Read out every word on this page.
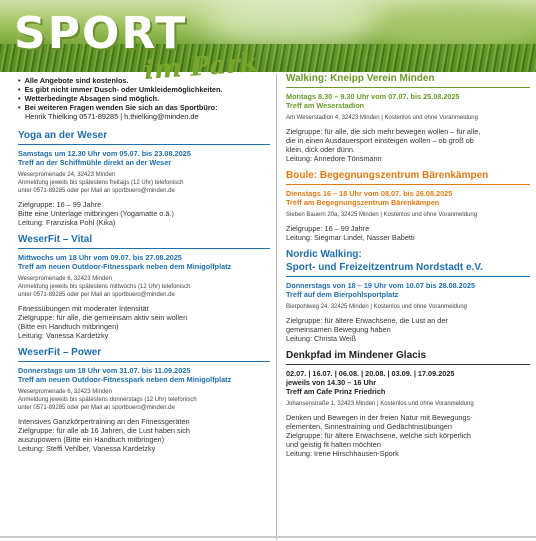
SPORT
im Park
• Alle Angebote sind kostenlos.
• Es gibt nicht immer Dusch- oder Umkleidemöglichkeiten.
• Wetterbedingte Absagen sind möglich.
• Bei weiteren Fragen wenden Sie sich an das Sportbüro:
Henrik Thielking 0571-89285 | h.thielking@minden.de
Yoga an der Weser
Samstags um 12.30 Uhr vom 05.07. bis 23.08.2025
Treff an der Schiffmühle direkt an der Weser
Weserpromenade 24, 32423 Minden
Anmeldung jeweils bis spätestens freitags (12 Uhr) telefonisch
unter 0571-89285 oder per Mail an sportbuero@minden.de
Zielgruppe: 16 – 99 Jahre
Bitte eine Unterlage mitbringen (Yogamatte o.ä.)
Leitung: Franziska Pohl (Kika)
WeserFit – Vital
Mittwochs um 18 Uhr vom 09.07. bis 27.08.2025
Treff am neuen Outdoor-Fitnesspark neben dem Minigolfplatz
Weserpromenade 6, 32423 Minden
Anmeldung jeweils bis spätestens mittwochs (12 Uhr) telefonisch
unter 0571-89285 oder per Mail an sportbuero@minden.de
Fitnessübungen mit moderater Intensität
Zielgruppe: für alle, die gemeinsam aktiv sein wollen
(Bitte ein Handtuch mitbringen)
Leitung: Vanessa Kardetzky
WeserFit – Power
Donnerstags um 18 Uhr vom 31.07. bis 11.09.2025
Treff am neuen Outdoor-Fitnesspark neben dem Minigolfplatz
Weserpromenade 6, 32423 Minden
Anmeldung jeweils bis spätestens donnerstags (12 Uhr) telefonisch
unter 0571-89285 oder per Mail an sportbuero@minden.de
Intensives Ganzkörpertraining an den Fitnessgeräten
Zielgruppe: für alle ab 16 Jahren, die Lust haben sich
auszupowern (Bitte ein Handtuch mitbringen)
Leitung: Steffi Vehlber, Vanessa Kardetzky
Walking: Kneipp Verein Minden
Montags 8.30 – 9.30 Uhr vom 07.07. bis 25.08.2025
Treff am Weserstadion
Am Weserstadion 4, 32423 Minden | Kostenlos und ohne Voranmeldung
Zielgruppe: für alle, die sich mehr bewegen wollen – für alle,
die in einen Ausdauersport einsteigen wollen – ob groß ob
klein, dick oder dünn.
Leitung: Annedore Tönsmann
Boule: Begegnungszentrum Bärenkämpen
Dienstags 16 – 18 Uhr vom 08.07. bis 26.08.2025
Treff am Begegnungszentrum Bärenkämpen
Sieben Bauern 20a, 32425 Minden | Kostenlos und ohne Voranmeldung
Zielgruppe: 16 – 99 Jahre
Leitung: Siegmar Lindel, Nasser Babetti
Nordic Walking:
Sport- und Freizeitzentrum Nordstadt e.V.
Donnerstags von 18 – 19 Uhr vom 10.07 bis 28.08.2025
Treff auf dem Bierpohlsportplatz
Bierpohlweg 24, 32425 Minden | Kostenlos und ohne Voranmeldung
Zielgruppe: für ältere Erwachsene, die Lust an der
gemeinsamen Bewegung haben
Leitung: Christa Weiß
Denkpfad im Mindener Glacis
02.07. | 16.07. | 06.08. | 20.08. | 03.09. | 17.09.2025
jeweils von 14.30 – 16 Uhr
Treff am Cafe Prinz Friedrich
Johansenstraße 1, 32423 Minden | Kostenlos und ohne Voranmeldung
Denken und Bewegen in der freien Natur mit Bewegungs-
elementen, Sinnestraining und Gedächtnisübungen
Zielgruppe: für ältere Erwachsene, welche sich körperlich
und geistig fit halten möchten
Leitung: Irene Hirschhausen-Spork
